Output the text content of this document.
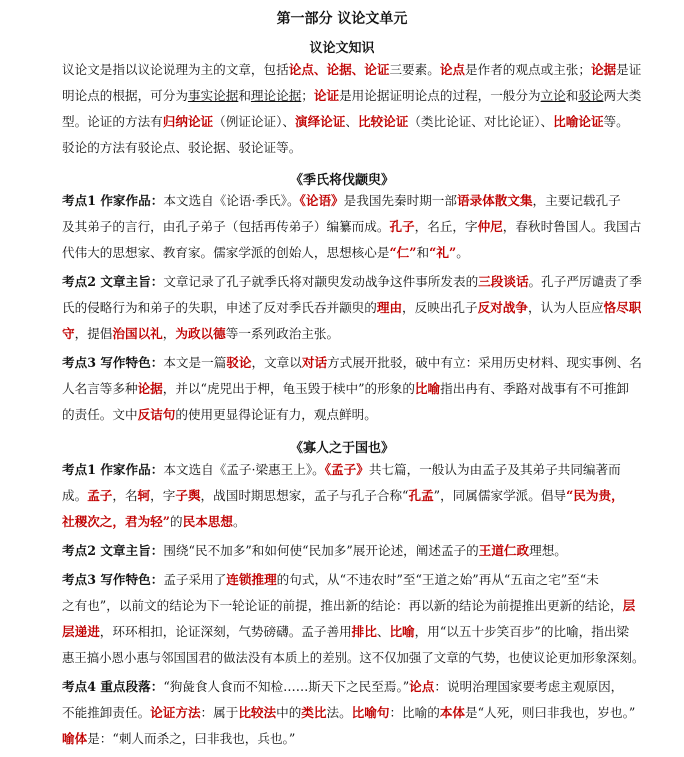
第一部分 议论文单元
议论文知识
议论文是指以议论说理为主的文章，包括论点、论据、论证三要素。论点是作者的观点或主张；论据是证
明论点的根据，可分为事实论据和理论论据；论证是用论据证明论点的过程，一般分为立论和驳论两大类
型。论证的方法有归纳论证（例证论证）、演绎论证、比较论证（类比论证、对比论证）、比喻论证等。
驳论的方法有驳论点、驳论据、驳论证等。
《季氏将伐颛臾》
考点1 作家作品：本文选自《论语·季氏》。《论语》是我国先秦时期一部语录体散文集，主要记载孔子
及其弟子的言行，由孔子弟子（包括再传弟子）编纂而成。孔子，名丘，字仲尼，春秋时鲁国人。我国古
代伟大的思想家、教育家。儒家学派的创始人，思想核心是“仁”和“礼”。
考点2 文章主旨：文章记录了孔子就季氏将对颛臾发动战争这件事所发表的三段谈话。孔子严厉谴责了季
氏的侵略行为和弟子的失职，申述了反对季氏吞并颛臾的理由，反映出孔子反对战争，认为人臣应恪尽职
守，提倡治国以礼，为政以德等一系列政治主张。
考点3 写作特色：本文是一篇驳论，文章以对话方式展开批驳，破中有立：采用历史材料、现实事例、名
人名言等多种论据，并以“虎兕出于柙，龟玉毁于椟中”的形象的比喻指出冉有、季路对战事有不可推卸
的责任。文中反诘句的使用更显得论证有力，观点鲜明。
《寡人之于国也》
考点1 作家作品：本文选自《孟子·梁惠王上》。《孟子》共七篇，一般认为由孟子及其弟子共同编著而
成。孟子，名轲，字子舆，战国时期思想家，孟子与孔子合称“孔孟”，同属儒家学派。倡导“民为贵，
社稷次之，君为轻”的民本思想。
考点2 文章主旨：围绕“民不加多”和如何使“民加多”展开论述，阐述孟子的王道仁政理想。
考点3 写作特色：孟子采用了连锁推理的句式，从“不违农时”至“王道之始”再从“五亩之宅”至“未
之有也”，以前文的结论为下一轮论证的前提，推出新的结论：再以新的结论为前提推出更新的结论，层
层递进，环环相扣，论证深刻，气势磅礴。孟子善用排比、比喻，用“以五十步笑百步”的比喻，指出梁
惠王搞小恩小惠与邻国国君的做法没有本质上的差别。这不仅加强了文章的气势，也使议论更加形象深刻。
考点4 重点段落：“狗彘食人食而不知检……斯天下之民至焉。”论点：说明治理国家要考虑主观原因，
不能推卸责任。论证方法：属于比较法中的类比法。比喻句：比喻的本体是“人死，则曰非我也，岁也。”
喻体是：“刺人而杀之，曰非我也，兵也。”
